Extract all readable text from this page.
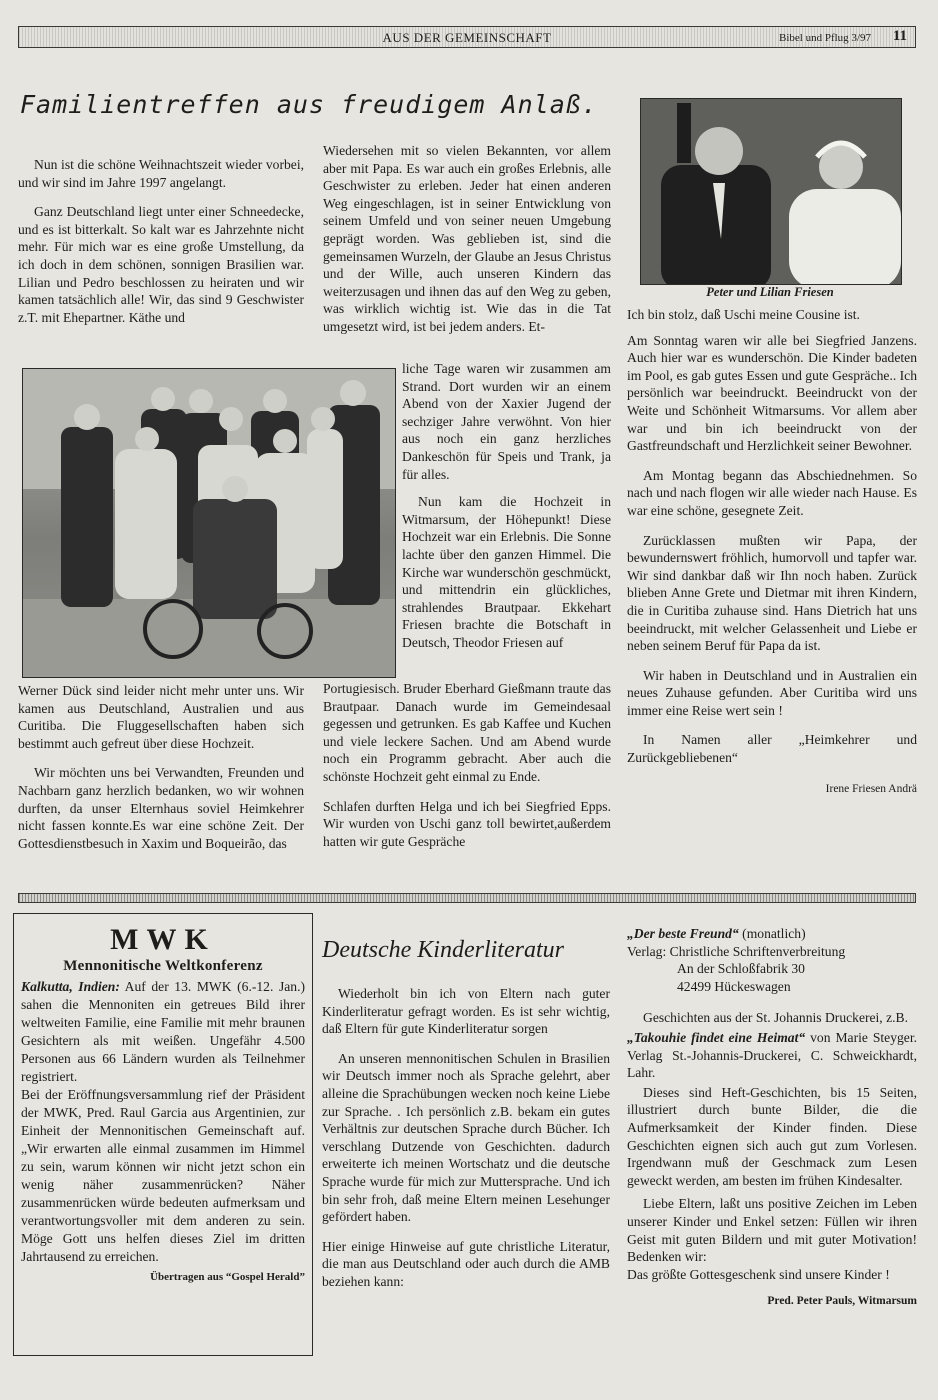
AUS DER GEMEINSCHAFT	Bibel und Pflug 3/97 11
Familientreffen aus freudigem Anlaß.

Nun ist die schöne Weihnachtszeit wieder vorbei, und wir sind im Jahre 1997 angelangt.

Ganz Deutschland liegt unter einer Schneedecke, und es ist bitterkalt. So kalt war es Jahrzehnte nicht mehr. Für mich war es eine große Umstellung, da ich doch in dem schönen, sonnigen Brasilien war. Lilian und Pedro beschlossen zu heiraten und wir kamen tatsächlich alle! Wir, das sind 9 Geschwister z.T. mit Ehepartner. Käthe und

Werner Dück sind leider nicht mehr unter uns. Wir kamen aus Deutschland, Australien und aus Curitiba. Die Fluggesellschaften haben sich bestimmt auch gefreut über diese Hochzeit.

Wir möchten uns bei Verwandten, Freunden und Nachbarn ganz herzlich bedanken, wo wir wohnen durften, da unser Elternhaus soviel Heimkehrer nicht fassen konnte.Es war eine schöne Zeit. Der Gottesdienstbesuch in Xaxim und Boqueirão, das

Wiedersehen mit so vielen Bekannten, vor allem aber mit Papa. Es war auch ein großes Erlebnis, alle Geschwister zu erleben. Jeder hat einen anderen Weg eingeschlagen, ist in seiner Entwicklung von seinem Umfeld und von seiner neuen Umgebung geprägt worden. Was geblieben ist, sind die gemeinsamen Wurzeln, der Glaube an Jesus Christus und der Wille, auch unseren Kindern das weiterzusagen und ihnen das auf den Weg zu geben, was wirklich wichtig ist. Wie das in die Tat umgesetzt wird, ist bei jedem anders. Et-

liche Tage waren wir zusammen am Strand. Dort wurden wir an einem Abend von der Xaxier Jugend der sechziger Jahre verwöhnt. Von hier aus noch ein ganz herzliches Dankeschön für Speis und Trank, ja für alles.

Nun kam die Hochzeit in Witmarsum, der Höhepunkt! Diese Hochzeit war ein Erlebnis. Die Sonne lachte über den ganzen Himmel. Die Kirche war wunderschön geschmückt, und mittendrin ein glückliches, strahlendes Brautpaar. Ekkehart Friesen brachte die Botschaft in Deutsch, Theodor Friesen auf

Portugiesisch. Bruder Eberhard Gießmann traute das Brautpaar. Danach wurde im Gemeindesaal gegessen und getrunken. Es gab Kaffee und Kuchen und viele leckere Sachen. Und am Abend wurde noch ein Programm gebracht. Aber auch die schönste Hochzeit geht einmal zu Ende.

Schlafen durften Helga und ich bei Siegfried Epps. Wir wurden von Uschi ganz toll bewirtet,außerdem hatten wir gute Gespräche

Peter und Lilian Friesen

Ich bin stolz, daß Uschi meine Cousine ist.

Am Sonntag waren wir alle bei Siegfried Janzens. Auch hier war es wunderschön. Die Kinder badeten im Pool, es gab gutes Essen und gute Gespräche.. Ich persönlich war beeindruckt. Beeindruckt von der Weite und Schönheit Witmarsums. Vor allem aber war und bin ich beeindruckt von der Gastfreundschaft und Herzlichkeit seiner Bewohner.

Am Montag begann das Abschiednehmen. So nach und nach flogen wir alle wieder nach Hause. Es war eine schöne, gesegnete Zeit.

Zurücklassen mußten wir Papa, der bewundernswert fröhlich, humorvoll und tapfer war. Wir sind dankbar daß wir Ihn noch haben. Zurück blieben Anne Grete und Dietmar mit ihren Kindern, die in Curitiba zuhause sind. Hans Dietrich hat uns beeindruckt, mit welcher Gelassenheit und Liebe er neben seinem Beruf für Papa da ist.

Wir haben in Deutschland und in Australien ein neues Zuhause gefunden. Aber Curitiba wird uns immer eine Reise wert sein !

In Namen aller „Heimkehrer und Zurückgebliebenen“

Irene Friesen Andrä
MWK
Mennonitische Weltkonferenz

Kalkutta, Indien: Auf der 13. MWK (6.-12. Jan.) sahen die Mennoniten ein getreues Bild ihrer weltweiten Familie, eine Familie mit mehr braunen Gesichtern als mit weißen. Ungefähr 4.500 Personen aus 66 Ländern wurden als Teilnehmer registriert.

Bei der Eröffnungsversammlung rief der Präsident der MWK, Pred. Raul Garcia aus Argentinien, zur Einheit der Mennonitischen Gemeinschaft auf. „Wir erwarten alle einmal zusammen im Himmel zu sein, warum können wir nicht jetzt schon ein wenig näher zusammenrücken? Näher zusammenrücken würde bedeuten aufmerksam und verantwortungsvoller mit dem anderen zu sein. Möge Gott uns helfen dieses Ziel im dritten Jahrtausend zu erreichen.

Übertragen aus “Gospel Herald”
Deutsche Kinderliteratur

Wiederholt bin ich von Eltern nach guter Kinderliteratur gefragt worden. Es ist sehr wichtig, daß Eltern für gute Kinderliteratur sorgen

An unseren mennonitischen Schulen in Brasilien wir Deutsch immer noch als Sprache gelehrt, aber alleine die Sprachübungen wecken noch keine Liebe zur Sprache. . Ich persönlich z.B. bekam ein gutes Verhältnis zur deutschen Sprache durch Bücher. Ich verschlang Dutzende von Geschichten. dadurch erweiterte ich meinen Wortschatz und die deutsche Sprache wurde für mich zur Muttersprache. Und ich bin sehr froh, daß meine Eltern meinen Lesehunger gefördert haben.

Hier einige Hinweise auf gute christliche Literatur, die man aus Deutschland oder auch durch die AMB beziehen kann:

„Der beste Freund“ (monatlich)
Verlag: Christliche Schriftenverbreitung
An der Schloßfabrik 30
42499 Hückeswagen

Geschichten aus der St. Johannis Druckerei, z.B.

„Takouhie findet eine Heimat“ von Marie Steyger. Verlag St.-Johannis-Druckerei, C. Schweickhardt, Lahr.

Dieses sind Heft-Geschichten, bis 15 Seiten, illustriert durch bunte Bilder, die die Aufmerksamkeit der Kinder finden. Diese Geschichten eignen sich auch gut zum Vorlesen. Irgendwann muß der Geschmack zum Lesen geweckt werden, am besten im frühen Kindesalter.

Liebe Eltern, laßt uns positive Zeichen im Leben unserer Kinder und Enkel setzen: Füllen wir ihren Geist mit guten Bildern und mit guter Motivation! Bedenken wir:

Das größte Gottesgeschenk sind unsere Kinder !

Pred. Peter Pauls, Witmarsum
